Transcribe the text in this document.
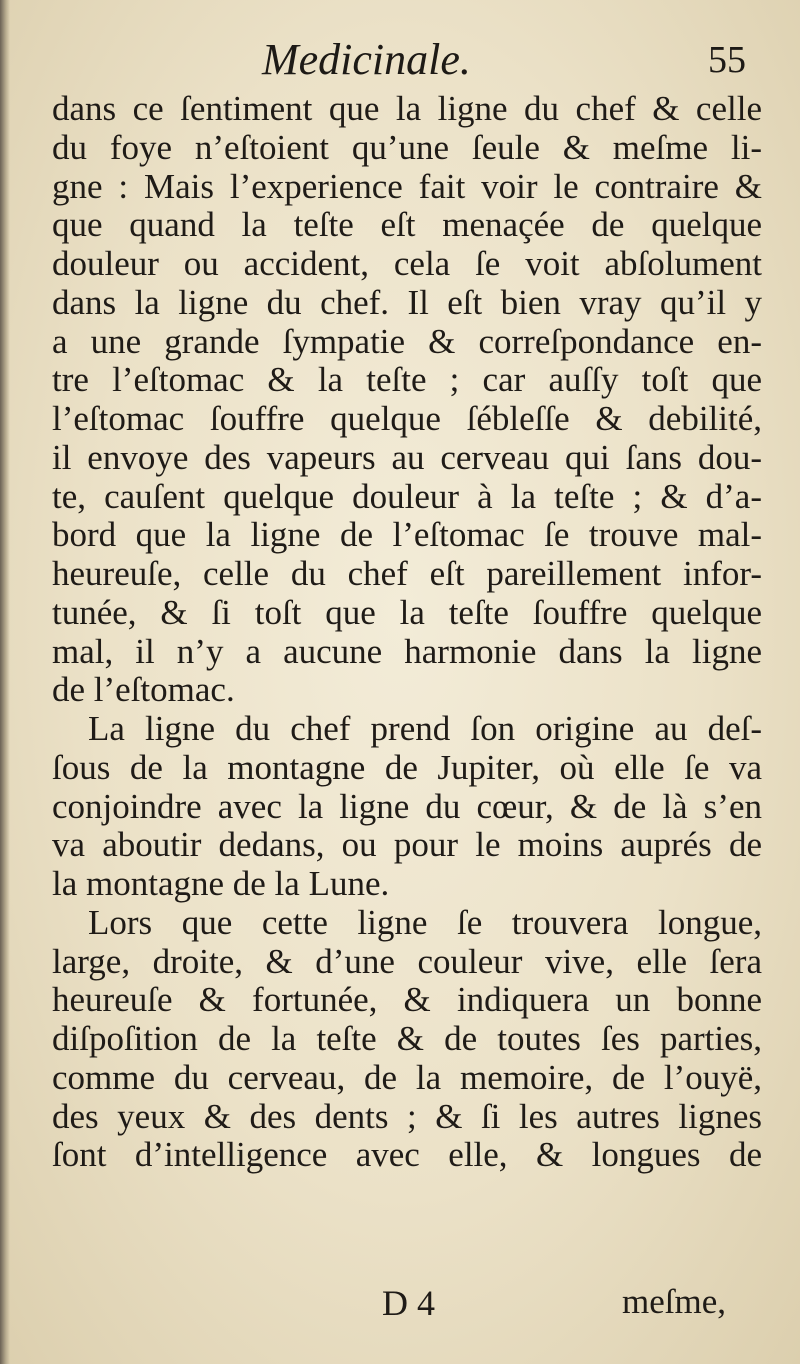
Medicinale.	55
dans ce ſentiment que la ligne du chef & celle
du foye n’eſtoient qu’une ſeule & meſme li-
gne : Mais l’experience fait voir le contraire &
que quand la teſte eſt menaçée de quelque
douleur ou accident, cela ſe voit abſolument
dans la ligne du chef. Il eſt bien vray qu’il y
a une grande ſympatie & correſpondance en-
tre l’eſtomac & la teſte ; car auſſy toſt que
l’eſtomac ſouffre quelque ſébleſſe & debilité,
il envoye des vapeurs au cerveau qui ſans dou-
te, cauſent quelque douleur à la teſte ; & d’a-
bord que la ligne de l’eſtomac ſe trouve mal-
heureuſe, celle du chef eſt pareillement infor-
tunée, & ſi toſt que la teſte ſouffre quelque
mal, il n’y a aucune harmonie dans la ligne
de l’eſtomac.
La ligne du chef prend ſon origine au deſ-
ſous de la montagne de Jupiter, où elle ſe va
conjoindre avec la ligne du cœur, & de là s’en
va aboutir dedans, ou pour le moins auprés de
la montagne de la Lune.
Lors que cette ligne ſe trouvera longue,
large, droite, & d’une couleur vive, elle ſera
heureuſe & fortunée, & indiquera un bonne
diſpoſition de la teſte & de toutes ſes parties,
comme du cerveau, de la memoire, de l’ouyë,
des yeux & des dents ; & ſi les autres lignes
ſont d’intelligence avec elle, & longues de
D 4	meſme,
